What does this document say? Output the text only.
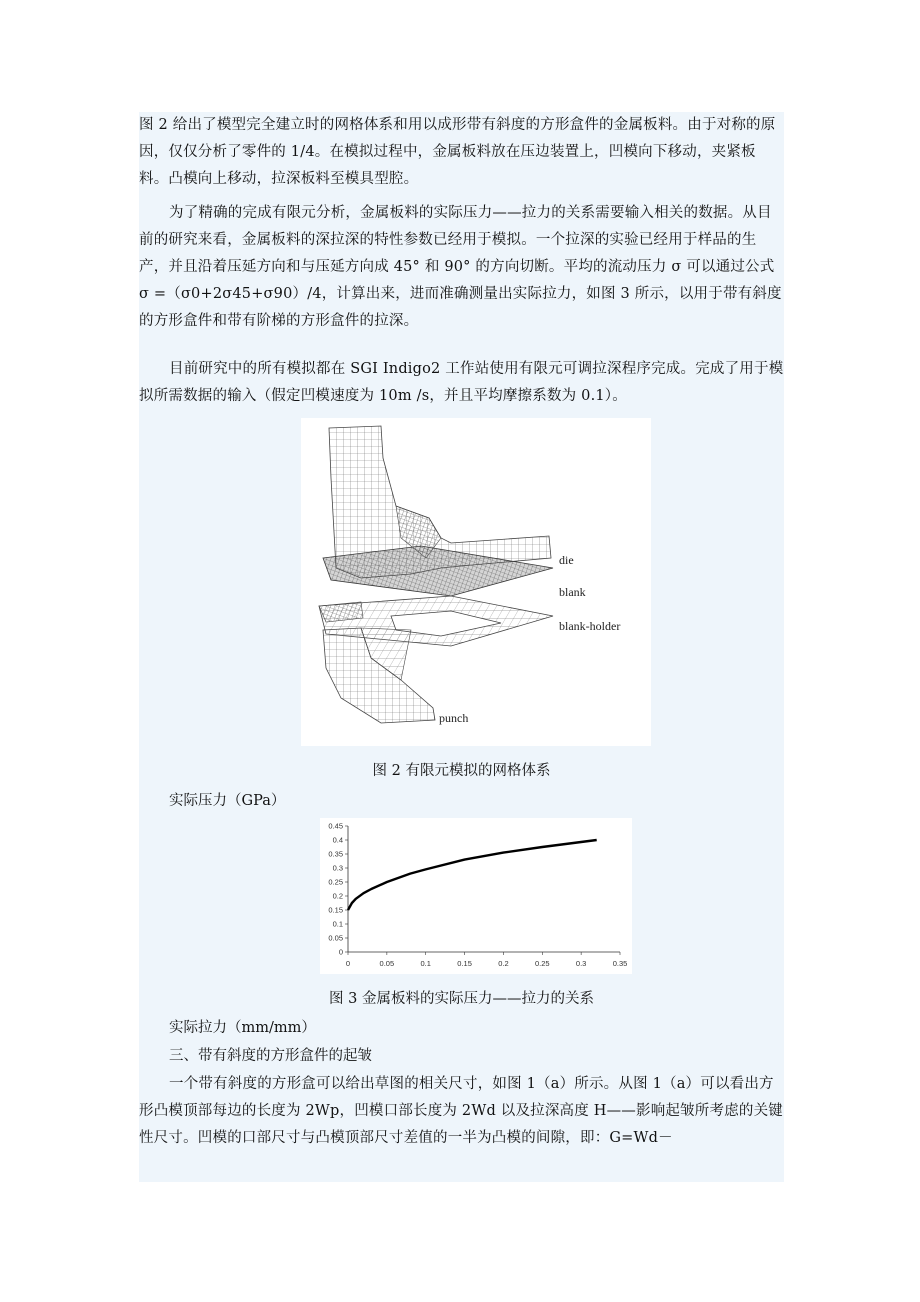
图 2 给出了模型完全建立时的网格体系和用以成形带有斜度的方形盒件的金属板料。由于对称的原因，仅仅分析了零件的 1/4。在模拟过程中，金属板料放在压边装置上，凹模向下移动，夹紧板料。凸模向上移动，拉深板料至模具型腔。

为了精确的完成有限元分析，金属板料的实际压力——拉力的关系需要输入相关的数据。从目前的研究来看，金属板料的深拉深的特性参数已经用于模拟。一个拉深的实验已经用于样品的生产，并且沿着压延方向和与压延方向成 45° 和 90° 的方向切断。平均的流动压力 σ 可以通过公式 σ =（σ0+2σ45+σ90）/4，计算出来，进而准确测量出实际拉力，如图 3 所示，以用于带有斜度的方形盒件和带有阶梯的方形盒件的拉深。

目前研究中的所有模拟都在 SGI Indigo2 工作站使用有限元可调拉深程序完成。完成了用于模拟所需数据的输入（假定凹模速度为 10m /s，并且平均摩擦系数为 0.1）。

die
blank
blank-holder
punch
图 2 有限元模拟的网格体系
实际压力（GPa）
0	0.05	0.1	0.15	0.2	0.25	0.3	0.35
0
0.05
0.1
0.15
0.2
0.25
0.3
0.35
0.4
0.45
图 3 金属板料的实际压力——拉力的关系
实际拉力（mm/mm）
三、带有斜度的方形盒件的起皱

一个带有斜度的方形盒可以给出草图的相关尺寸，如图 1（a）所示。从图 1（a）可以看出方形凸模顶部每边的长度为 2Wp，凹模口部长度为 2Wd 以及拉深高度 H——影响起皱所考虑的关键性尺寸。凹模的口部尺寸与凸模顶部尺寸差值的一半为凸模的间隙，即：G=Wd－
